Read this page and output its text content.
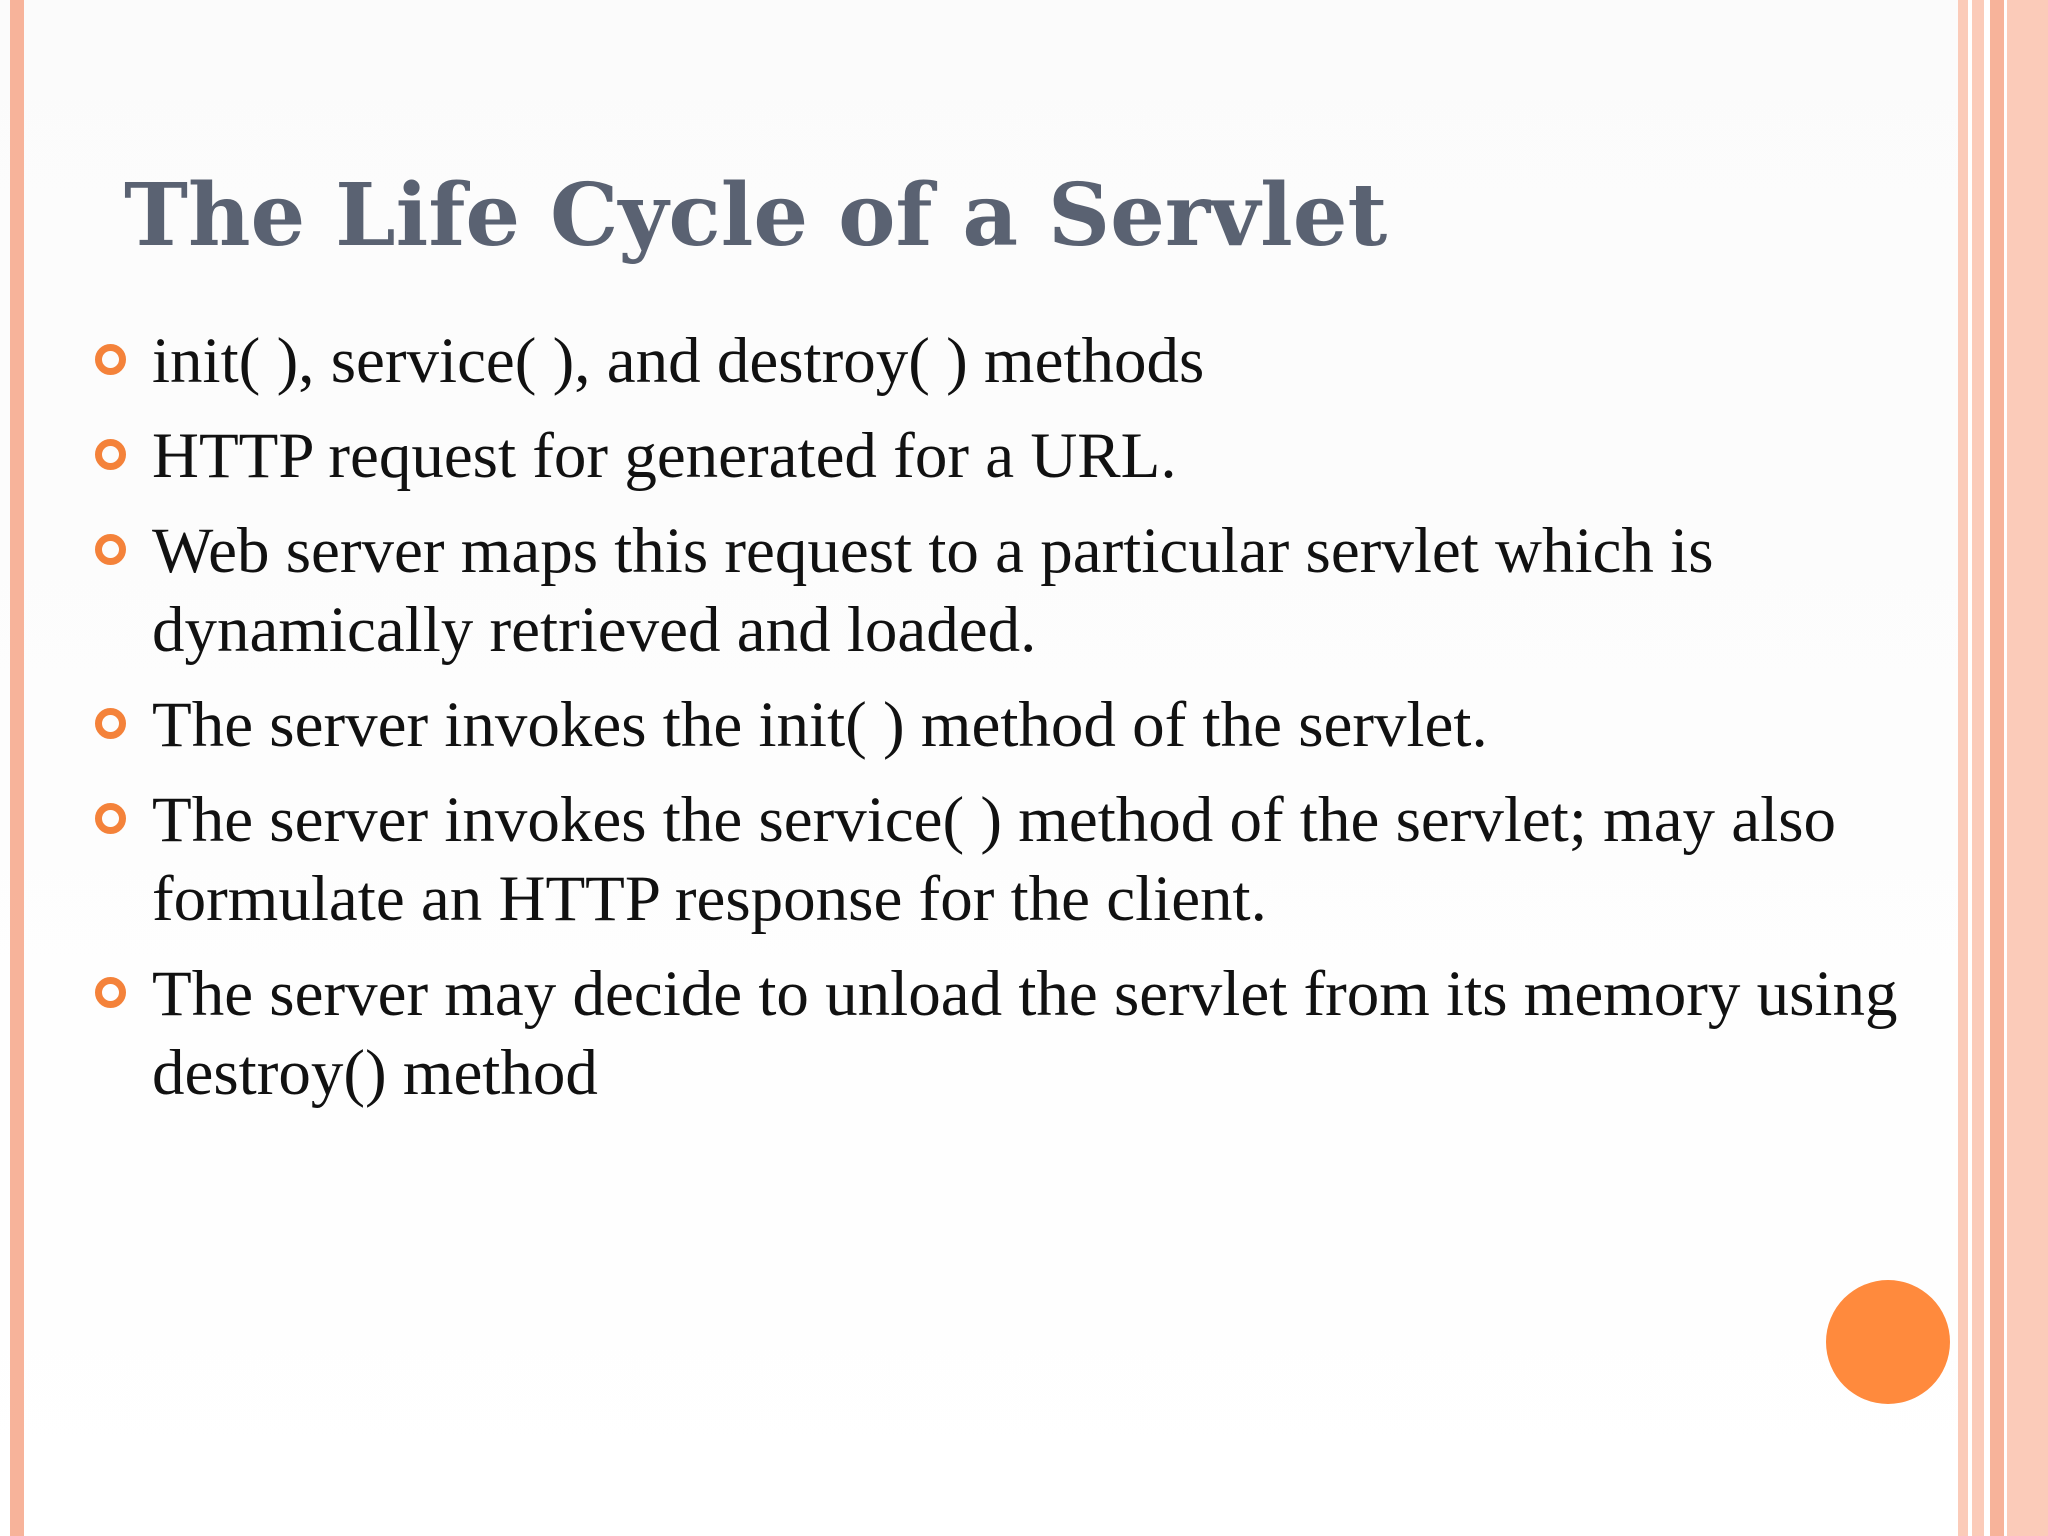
The Life Cycle of a Servlet
init( ), service( ), and destroy( ) methods
HTTP request for generated for a URL.
Web server maps this request to a particular servlet which is dynamically retrieved and loaded.
The server invokes the init( ) method of the servlet.
The server invokes the service( ) method of the servlet; may also formulate an HTTP response for the client.
The server may decide to unload the servlet from its memory using destroy() method
